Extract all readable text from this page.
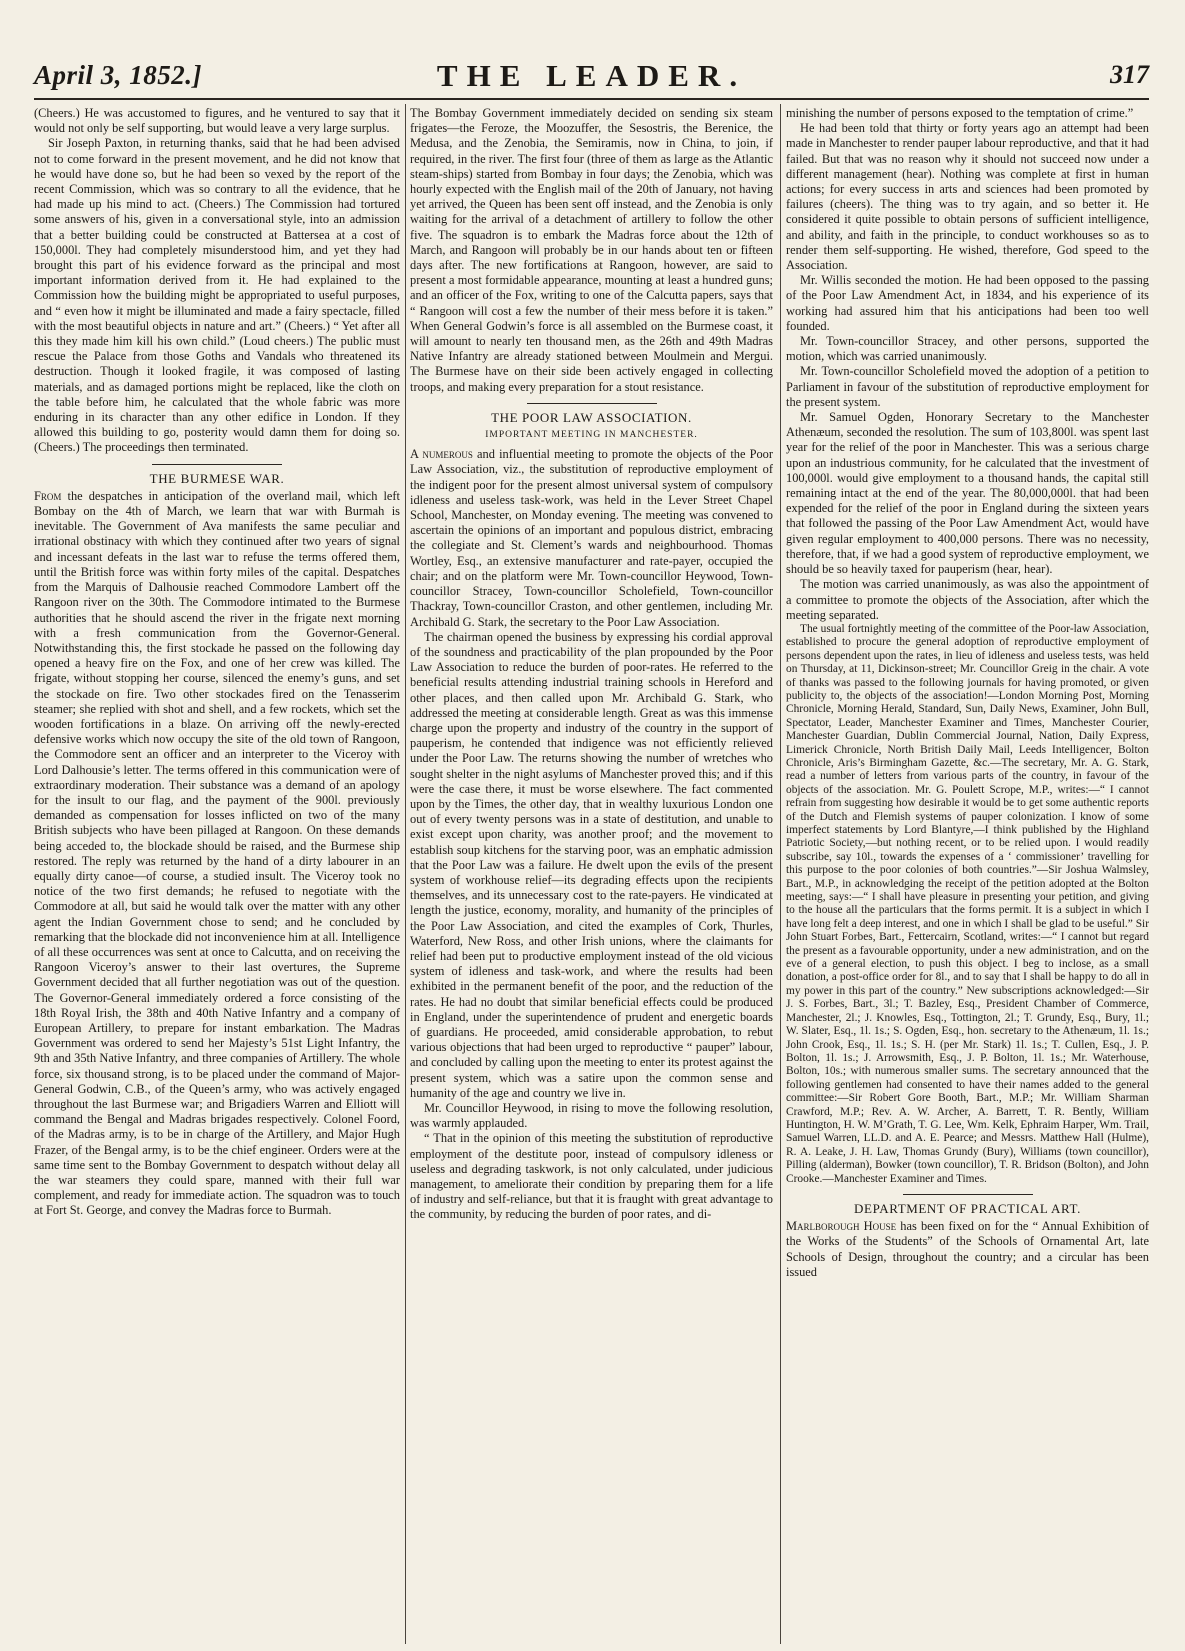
April 3, 1852.]	THE LEADER.	317

(Cheers.) He was accustomed to figures, and he ventured to say that it would not only be self supporting, but would leave a very large surplus.

Sir Joseph Paxton, in returning thanks, said that he had been advised not to come forward in the present movement, and he did not know that he would have done so, but he had been so vexed by the report of the recent Commission, which was so contrary to all the evidence, that he had made up his mind to act. (Cheers.) The Commission had tortured some answers of his, given in a conversational style, into an admission that a better building could be constructed at Battersea at a cost of 150,000l. They had completely misunderstood him, and yet they had brought this part of his evidence forward as the principal and most important information derived from it. He had explained to the Commission how the building might be appropriated to useful purposes, and “ even how it might be illuminated and made a fairy spectacle, filled with the most beautiful objects in nature and art.” (Cheers.) “ Yet after all this they made him kill his own child.” (Loud cheers.) The public must rescue the Palace from those Goths and Vandals who threatened its destruction. Though it looked fragile, it was composed of lasting materials, and as damaged portions might be replaced, like the cloth on the table before him, he calculated that the whole fabric was more enduring in its character than any other edifice in London. If they allowed this building to go, posterity would damn them for doing so. (Cheers.) The proceedings then terminated.

THE BURMESE WAR.

From the despatches in anticipation of the overland mail, which left Bombay on the 4th of March, we learn that war with Burmah is inevitable. The Government of Ava manifests the same peculiar and irrational obstinacy with which they continued after two years of signal and incessant defeats in the last war to refuse the terms offered them, until the British force was within forty miles of the capital. Despatches from the Marquis of Dalhousie reached Commodore Lambert off the Rangoon river on the 30th. The Commodore intimated to the Burmese authorities that he should ascend the river in the frigate next morning with a fresh communication from the Governor-General. Notwithstanding this, the first stockade he passed on the following day opened a heavy fire on the Fox, and one of her crew was killed. The frigate, without stopping her course, silenced the enemy’s guns, and set the stockade on fire. Two other stockades fired on the Tenasserim steamer; she replied with shot and shell, and a few rockets, which set the wooden fortifications in a blaze. On arriving off the newly-erected defensive works which now occupy the site of the old town of Rangoon, the Commodore sent an officer and an interpreter to the Viceroy with Lord Dalhousie’s letter. The terms offered in this communication were of extraordinary moderation. Their substance was a demand of an apology for the insult to our flag, and the payment of the 900l. previously demanded as compensation for losses inflicted on two of the many British subjects who have been pillaged at Rangoon. On these demands being acceded to, the blockade should be raised, and the Burmese ship restored. The reply was returned by the hand of a dirty labourer in an equally dirty canoe—of course, a studied insult. The Viceroy took no notice of the two first demands; he refused to negotiate with the Commodore at all, but said he would talk over the matter with any other agent the Indian Government chose to send; and he concluded by remarking that the blockade did not inconvenience him at all. Intelligence of all these occurrences was sent at once to Calcutta, and on receiving the Rangoon Viceroy’s answer to their last overtures, the Supreme Government decided that all further negotiation was out of the question. The Governor-General immediately ordered a force consisting of the 18th Royal Irish, the 38th and 40th Native Infantry and a company of European Artillery, to prepare for instant embarkation. The Madras Government was ordered to send her Majesty’s 51st Light Infantry, the 9th and 35th Native Infantry, and three companies of Artillery. The whole force, six thousand strong, is to be placed under the command of Major-General Godwin, C.B., of the Queen’s army, who was actively engaged throughout the last Burmese war; and Brigadiers Warren and Elliott will command the Bengal and Madras brigades respectively. Colonel Foord, of the Madras army, is to be in charge of the Artillery, and Major Hugh Frazer, of the Bengal army, is to be the chief engineer. Orders were at the same time sent to the Bombay Government to despatch without delay all the war steamers they could spare, manned with their full war complement, and ready for immediate action. The squadron was to touch at Fort St. George, and convey the Madras force to Burmah.

The Bombay Government immediately decided on sending six steam frigates—the Feroze, the Moozuffer, the Sesostris, the Berenice, the Medusa, and the Zenobia, the Semiramis, now in China, to join, if required, in the river. The first four (three of them as large as the Atlantic steam-ships) started from Bombay in four days; the Zenobia, which was hourly expected with the English mail of the 20th of January, not having yet arrived, the Queen has been sent off instead, and the Zenobia is only waiting for the arrival of a detachment of artillery to follow the other five. The squadron is to embark the Madras force about the 12th of March, and Rangoon will probably be in our hands about ten or fifteen days after. The new fortifications at Rangoon, however, are said to present a most formidable appearance, mounting at least a hundred guns; and an officer of the Fox, writing to one of the Calcutta papers, says that “ Rangoon will cost a few the number of their mess before it is taken.” When General Godwin’s force is all assembled on the Burmese coast, it will amount to nearly ten thousand men, as the 26th and 49th Madras Native Infantry are already stationed between Moulmein and Mergui. The Burmese have on their side been actively engaged in collecting troops, and making every preparation for a stout resistance.

THE POOR LAW ASSOCIATION.
IMPORTANT MEETING IN MANCHESTER.

A numerous and influential meeting to promote the objects of the Poor Law Association, viz., the substitution of reproductive employment of the indigent poor for the present almost universal system of compulsory idleness and useless task-work, was held in the Lever Street Chapel School, Manchester, on Monday evening. The meeting was convened to ascertain the opinions of an important and populous district, embracing the collegiate and St. Clement’s wards and neighbourhood. Thomas Wortley, Esq., an extensive manufacturer and rate-payer, occupied the chair; and on the platform were Mr. Town-councillor Heywood, Town-councillor Stracey, Town-councillor Scholefield, Town-councillor Thackray, Town-councillor Craston, and other gentlemen, including Mr. Archibald G. Stark, the secretary to the Poor Law Association.

The chairman opened the business by expressing his cordial approval of the soundness and practicability of the plan propounded by the Poor Law Association to reduce the burden of poor-rates. He referred to the beneficial results attending industrial training schools in Hereford and other places, and then called upon Mr. Archibald G. Stark, who addressed the meeting at considerable length. Great as was this immense charge upon the property and industry of the country in the support of pauperism, he contended that indigence was not efficiently relieved under the Poor Law. The returns showing the number of wretches who sought shelter in the night asylums of Manchester proved this; and if this were the case there, it must be worse elsewhere. The fact commented upon by the Times, the other day, that in wealthy luxurious London one out of every twenty persons was in a state of destitution, and unable to exist except upon charity, was another proof; and the movement to establish soup kitchens for the starving poor, was an emphatic admission that the Poor Law was a failure. He dwelt upon the evils of the present system of workhouse relief—its degrading effects upon the recipients themselves, and its unnecessary cost to the rate-payers. He vindicated at length the justice, economy, morality, and humanity of the principles of the Poor Law Association, and cited the examples of Cork, Thurles, Waterford, New Ross, and other Irish unions, where the claimants for relief had been put to productive employment instead of the old vicious system of idleness and task-work, and where the results had been exhibited in the permanent benefit of the poor, and the reduction of the rates. He had no doubt that similar beneficial effects could be produced in England, under the superintendence of prudent and energetic boards of guardians. He proceeded, amid considerable approbation, to rebut various objections that had been urged to reproductive “ pauper” labour, and concluded by calling upon the meeting to enter its protest against the present system, which was a satire upon the common sense and humanity of the age and country we live in.

Mr. Councillor Heywood, in rising to move the following resolution, was warmly applauded.

“ That in the opinion of this meeting the substitution of reproductive employment of the destitute poor, instead of compulsory idleness or useless and degrading taskwork, is not only calculated, under judicious management, to ameliorate their condition by preparing them for a life of industry and self-reliance, but that it is fraught with great advantage to the community, by reducing the burden of poor rates, and di-

minishing the number of persons exposed to the temptation of crime.”

He had been told that thirty or forty years ago an attempt had been made in Manchester to render pauper labour reproductive, and that it had failed. But that was no reason why it should not succeed now under a different management (hear). Nothing was complete at first in human actions; for every success in arts and sciences had been promoted by failures (cheers). The thing was to try again, and so better it. He considered it quite possible to obtain persons of sufficient intelligence, and ability, and faith in the principle, to conduct workhouses so as to render them self-supporting. He wished, therefore, God speed to the Association.

Mr. Willis seconded the motion. He had been opposed to the passing of the Poor Law Amendment Act, in 1834, and his experience of its working had assured him that his anticipations had been too well founded.

Mr. Town-councillor Stracey, and other persons, supported the motion, which was carried unanimously.

Mr. Town-councillor Scholefield moved the adoption of a petition to Parliament in favour of the substitution of reproductive employment for the present system.

Mr. Samuel Ogden, Honorary Secretary to the Manchester Athenæum, seconded the resolution. The sum of 103,800l. was spent last year for the relief of the poor in Manchester. This was a serious charge upon an industrious community, for he calculated that the investment of 100,000l. would give employment to a thousand hands, the capital still remaining intact at the end of the year. The 80,000,000l. that had been expended for the relief of the poor in England during the sixteen years that followed the passing of the Poor Law Amendment Act, would have given regular employment to 400,000 persons. There was no necessity, therefore, that, if we had a good system of reproductive employment, we should be so heavily taxed for pauperism (hear, hear).

The motion was carried unanimously, as was also the appointment of a committee to promote the objects of the Association, after which the meeting separated.

The usual fortnightly meeting of the committee of the Poor-law Association, established to procure the general adoption of reproductive employment of persons dependent upon the rates, in lieu of idleness and useless tests, was held on Thursday, at 11, Dickinson-street; Mr. Councillor Greig in the chair. A vote of thanks was passed to the following journals for having promoted, or given publicity to, the objects of the association!—London Morning Post, Morning Chronicle, Morning Herald, Standard, Sun, Daily News, Examiner, John Bull, Spectator, Leader, Manchester Examiner and Times, Manchester Courier, Manchester Guardian, Dublin Commercial Journal, Nation, Daily Express, Limerick Chronicle, North British Daily Mail, Leeds Intelligencer, Bolton Chronicle, Aris’s Birmingham Gazette, &c.—The secretary, Mr. A. G. Stark, read a number of letters from various parts of the country, in favour of the objects of the association. Mr. G. Poulett Scrope, M.P., writes:—“ I cannot refrain from suggesting how desirable it would be to get some authentic reports of the Dutch and Flemish systems of pauper colonization. I know of some imperfect statements by Lord Blantyre,—I think published by the Highland Patriotic Society,—but nothing recent, or to be relied upon. I would readily subscribe, say 10l., towards the expenses of a ‘ commissioner’ travelling for this purpose to the poor colonies of both countries.”—Sir Joshua Walmsley, Bart., M.P., in acknowledging the receipt of the petition adopted at the Bolton meeting, says:—“ I shall have pleasure in presenting your petition, and giving to the house all the particulars that the forms permit. It is a subject in which I have long felt a deep interest, and one in which I shall be glad to be useful.” Sir John Stuart Forbes, Bart., Fettercairn, Scotland, writes:—“ I cannot but regard the present as a favourable opportunity, under a new administration, and on the eve of a general election, to push this object. I beg to inclose, as a small donation, a post-office order for 8l., and to say that I shall be happy to do all in my power in this part of the country.” New subscriptions acknowledged:—Sir J. S. Forbes, Bart., 3l.; T. Bazley, Esq., President Chamber of Commerce, Manchester, 2l.; J. Knowles, Esq., Tottington, 2l.; T. Grundy, Esq., Bury, 1l.; W. Slater, Esq., 1l. 1s.; S. Ogden, Esq., hon. secretary to the Athenæum, 1l. 1s.; John Crook, Esq., 1l. 1s.; S. H. (per Mr. Stark) 1l. 1s.; T. Cullen, Esq., J. P. Bolton, 1l. 1s.; J. Arrowsmith, Esq., J. P. Bolton, 1l. 1s.; Mr. Waterhouse, Bolton, 10s.; with numerous smaller sums. The secretary announced that the following gentlemen had consented to have their names added to the general committee:—Sir Robert Gore Booth, Bart., M.P.; Mr. William Sharman Crawford, M.P.; Rev. A. W. Archer, A. Barrett, T. R. Bently, William Huntington, H. W. M’Grath, T. G. Lee, Wm. Kelk, Ephraim Harper, Wm. Trail, Samuel Warren, LL.D. and A. E. Pearce; and Messrs. Matthew Hall (Hulme), R. A. Leake, J. H. Law, Thomas Grundy (Bury), Williams (town councillor), Pilling (alderman), Bowker (town councillor), T. R. Bridson (Bolton), and John Crooke.—Manchester Examiner and Times.

DEPARTMENT OF PRACTICAL ART.

Marlborough House has been fixed on for the “ Annual Exhibition of the Works of the Students” of the Schools of Ornamental Art, late Schools of Design, throughout the country; and a circular has been issued
